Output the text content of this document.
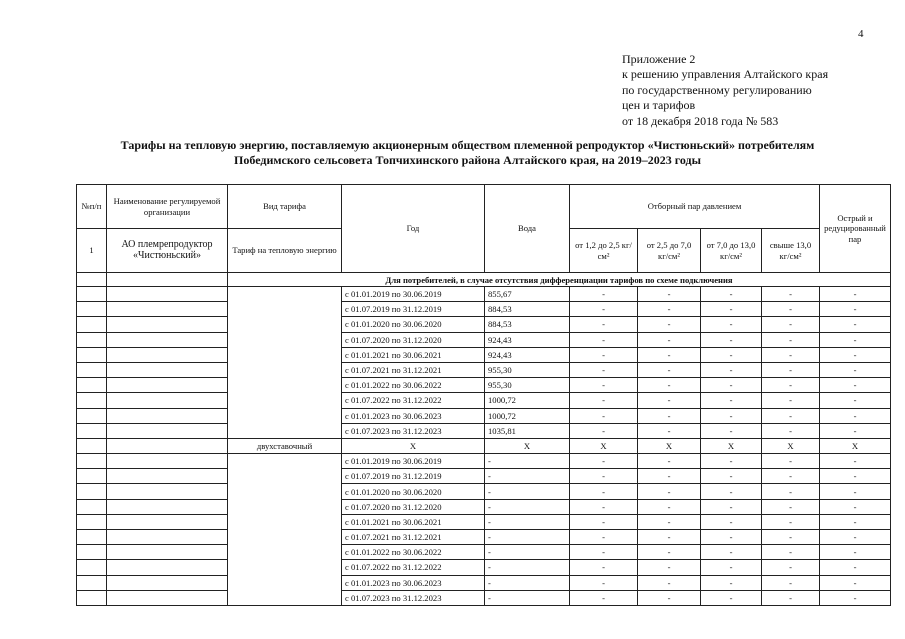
4
Приложение 2
к решению управления Алтайского края
по государственному регулированию
цен и тарифов
от 18 декабря 2018 года № 583
Тарифы на тепловую энергию, поставляемую акционерным обществом племенной репродуктор «Чистюньский» потребителям
Победимского сельсовета Топчихинского района Алтайского края, на 2019–2023 годы
№п/п	Наименование регулируемой организации	Вид тарифа	Год	Вода	Отборный пар давлением				Острый и редуцированный пар
1	АО племрепродуктор «Чистюньский»	Тариф на тепловую энергию			от 1,2 до 2,5 кг/см²	от 2,5 до 7,0 кг/см²	от 7,0 до 13,0 кг/см²	свыше 13,0 кг/см²	
		Для потребителей, в случае отсутствия дифференциации тарифов по схеме подключения							
			с 01.01.2019 по 30.06.2019	855,67	-	-	-	-	-
			с 01.07.2019 по 31.12.2019	884,53	-	-	-	-	-
			с 01.01.2020 по 30.06.2020	884,53	-	-	-	-	-
			с 01.07.2020 по 31.12.2020	924,43	-	-	-	-	-
			с 01.01.2021 по 30.06.2021	924,43	-	-	-	-	-
			с 01.07.2021 по 31.12.2021	955,30	-	-	-	-	-
			с 01.01.2022 по 30.06.2022	955,30	-	-	-	-	-
			с 01.07.2022 по 31.12.2022	1000,72	-	-	-	-	-
			с 01.01.2023 по 30.06.2023	1000,72	-	-	-	-	-
			с 01.07.2023 по 31.12.2023	1035,81	-	-	-	-	-
		двухставочный	Х	Х	Х	Х	Х	Х	Х
			с 01.01.2019 по 30.06.2019	-	-	-	-	-	-
			с 01.07.2019 по 31.12.2019	-	-	-	-	-	-
			с 01.01.2020 по 30.06.2020	-	-	-	-	-	-
			с 01.07.2020 по 31.12.2020	-	-	-	-	-	-
			с 01.01.2021 по 30.06.2021	-	-	-	-	-	-
			с 01.07.2021 по 31.12.2021	-	-	-	-	-	-
			с 01.01.2022 по 30.06.2022	-	-	-	-	-	-
			с 01.07.2022 по 31.12.2022	-	-	-	-	-	-
			с 01.01.2023 по 30.06.2023	-	-	-	-	-	-
			с 01.07.2023 по 31.12.2023	-	-	-	-	-	-
